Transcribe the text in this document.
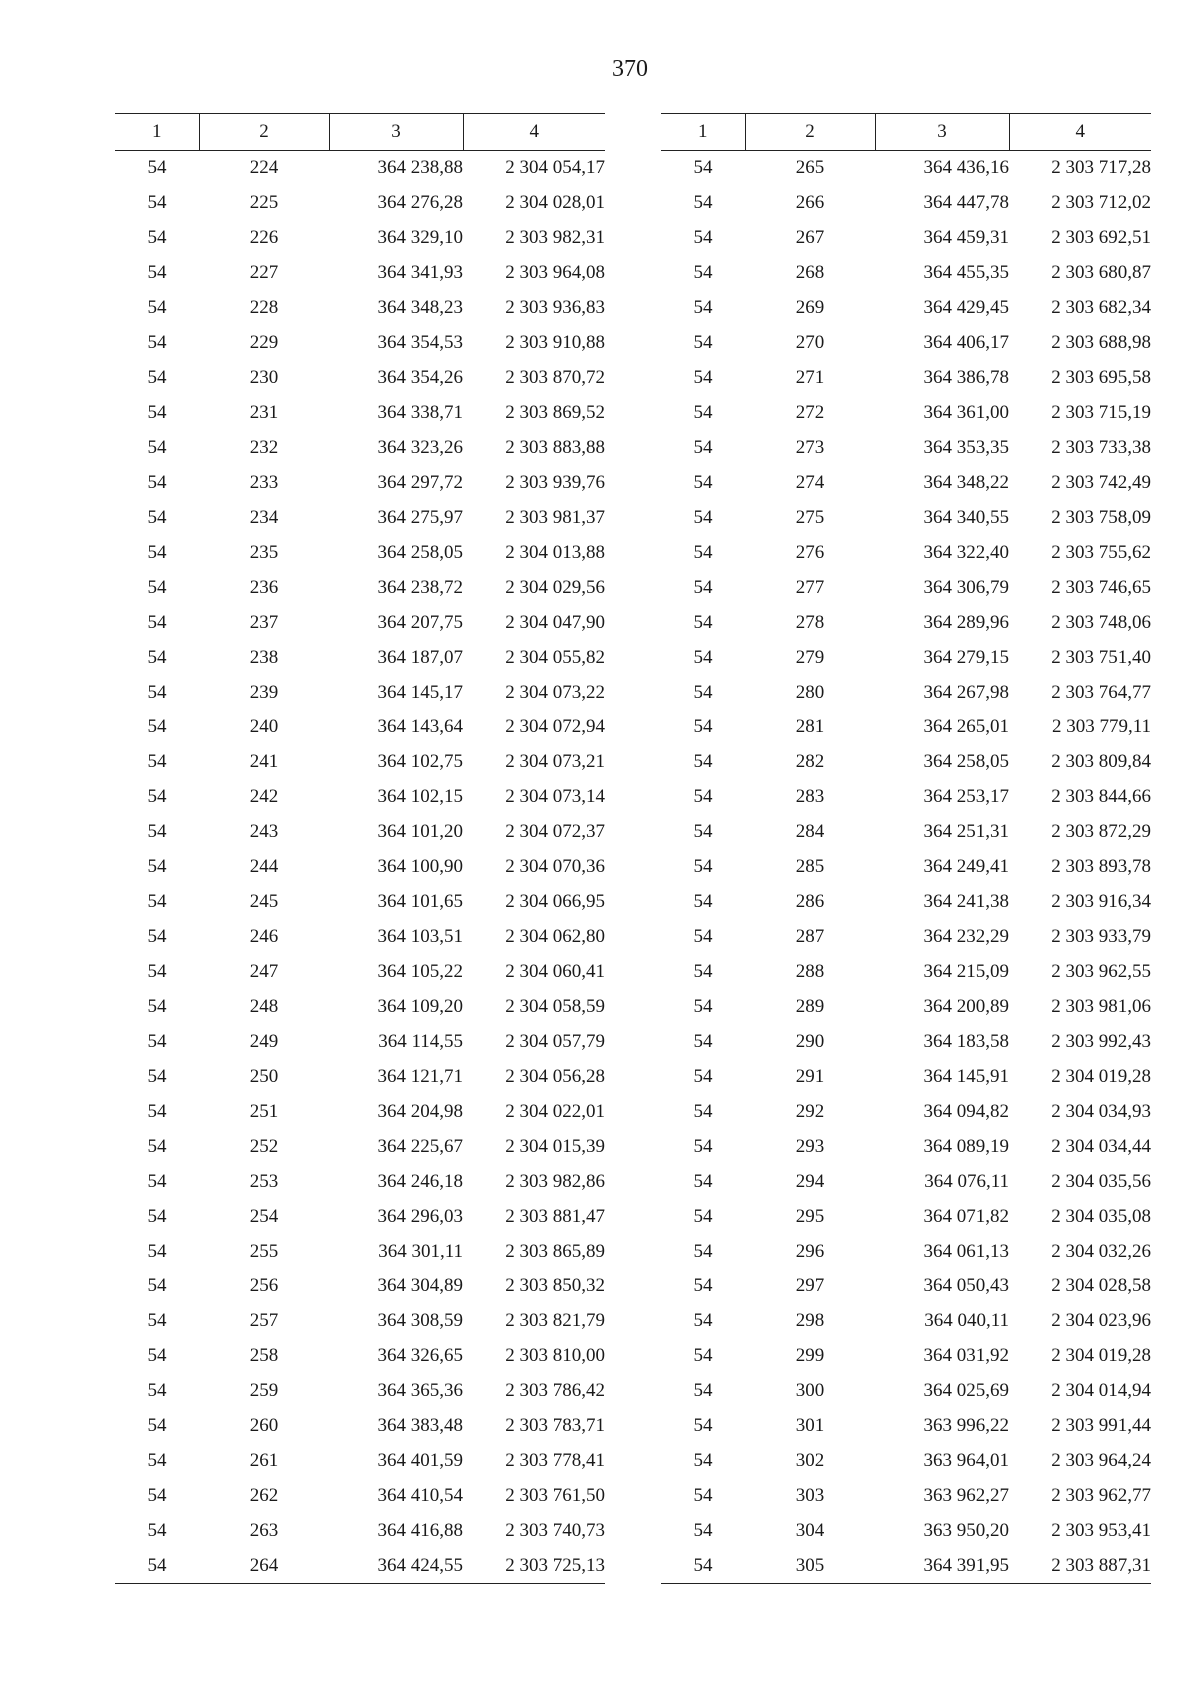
370
1	2	3	4
54	224	364 238,88	2 304 054,17
54	225	364 276,28	2 304 028,01
54	226	364 329,10	2 303 982,31
54	227	364 341,93	2 303 964,08
54	228	364 348,23	2 303 936,83
54	229	364 354,53	2 303 910,88
54	230	364 354,26	2 303 870,72
54	231	364 338,71	2 303 869,52
54	232	364 323,26	2 303 883,88
54	233	364 297,72	2 303 939,76
54	234	364 275,97	2 303 981,37
54	235	364 258,05	2 304 013,88
54	236	364 238,72	2 304 029,56
54	237	364 207,75	2 304 047,90
54	238	364 187,07	2 304 055,82
54	239	364 145,17	2 304 073,22
54	240	364 143,64	2 304 072,94
54	241	364 102,75	2 304 073,21
54	242	364 102,15	2 304 073,14
54	243	364 101,20	2 304 072,37
54	244	364 100,90	2 304 070,36
54	245	364 101,65	2 304 066,95
54	246	364 103,51	2 304 062,80
54	247	364 105,22	2 304 060,41
54	248	364 109,20	2 304 058,59
54	249	364 114,55	2 304 057,79
54	250	364 121,71	2 304 056,28
54	251	364 204,98	2 304 022,01
54	252	364 225,67	2 304 015,39
54	253	364 246,18	2 303 982,86
54	254	364 296,03	2 303 881,47
54	255	364 301,11	2 303 865,89
54	256	364 304,89	2 303 850,32
54	257	364 308,59	2 303 821,79
54	258	364 326,65	2 303 810,00
54	259	364 365,36	2 303 786,42
54	260	364 383,48	2 303 783,71
54	261	364 401,59	2 303 778,41
54	262	364 410,54	2 303 761,50
54	263	364 416,88	2 303 740,73
54	264	364 424,55	2 303 725,13
1	2	3	4
54	265	364 436,16	2 303 717,28
54	266	364 447,78	2 303 712,02
54	267	364 459,31	2 303 692,51
54	268	364 455,35	2 303 680,87
54	269	364 429,45	2 303 682,34
54	270	364 406,17	2 303 688,98
54	271	364 386,78	2 303 695,58
54	272	364 361,00	2 303 715,19
54	273	364 353,35	2 303 733,38
54	274	364 348,22	2 303 742,49
54	275	364 340,55	2 303 758,09
54	276	364 322,40	2 303 755,62
54	277	364 306,79	2 303 746,65
54	278	364 289,96	2 303 748,06
54	279	364 279,15	2 303 751,40
54	280	364 267,98	2 303 764,77
54	281	364 265,01	2 303 779,11
54	282	364 258,05	2 303 809,84
54	283	364 253,17	2 303 844,66
54	284	364 251,31	2 303 872,29
54	285	364 249,41	2 303 893,78
54	286	364 241,38	2 303 916,34
54	287	364 232,29	2 303 933,79
54	288	364 215,09	2 303 962,55
54	289	364 200,89	2 303 981,06
54	290	364 183,58	2 303 992,43
54	291	364 145,91	2 304 019,28
54	292	364 094,82	2 304 034,93
54	293	364 089,19	2 304 034,44
54	294	364 076,11	2 304 035,56
54	295	364 071,82	2 304 035,08
54	296	364 061,13	2 304 032,26
54	297	364 050,43	2 304 028,58
54	298	364 040,11	2 304 023,96
54	299	364 031,92	2 304 019,28
54	300	364 025,69	2 304 014,94
54	301	363 996,22	2 303 991,44
54	302	363 964,01	2 303 964,24
54	303	363 962,27	2 303 962,77
54	304	363 950,20	2 303 953,41
54	305	364 391,95	2 303 887,31
